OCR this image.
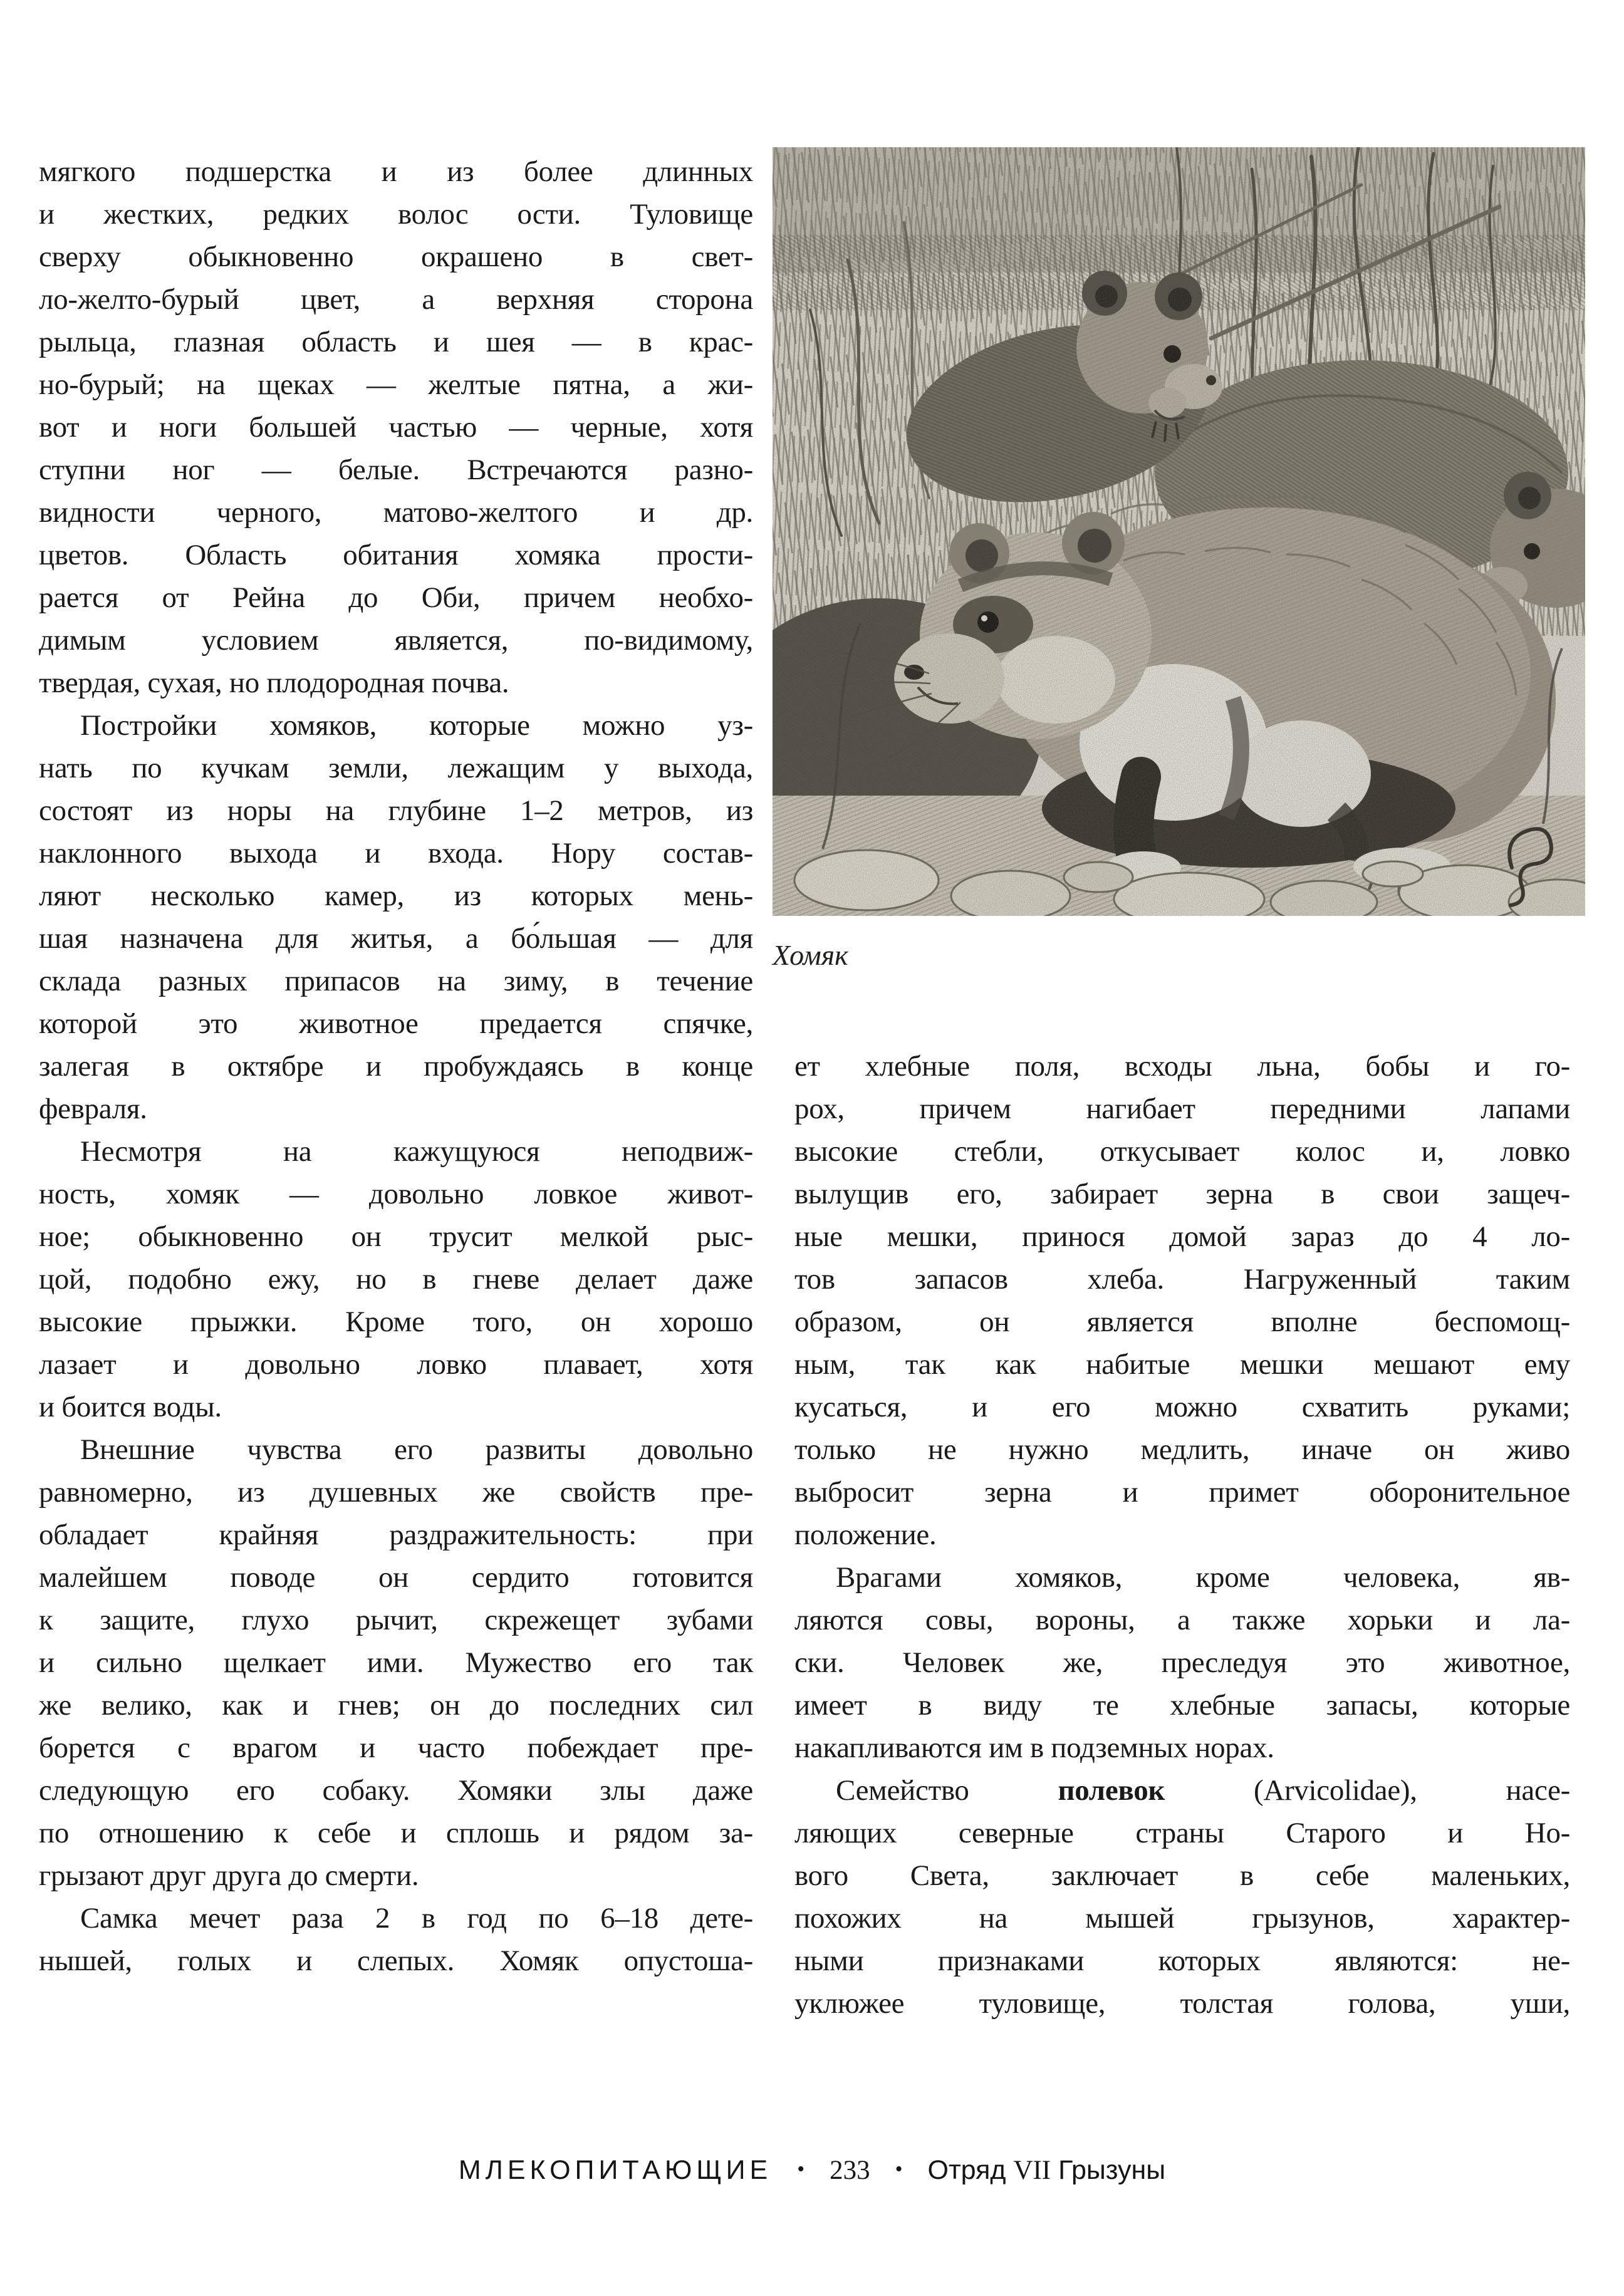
мягкого подшерстка и из более длинных
и жестких, редких волос ости. Туловище
сверху обыкновенно окрашено в свет-
ло-желто-бурый цвет, а верхняя сторона
рыльца, глазная область и шея — в крас-
но-бурый; на щеках — желтые пятна, а жи-
вот и ноги большей частью — черные, хотя
ступни ног — белые. Встречаются разно-
видности черного, матово-желтого и др.
цветов. Область обитания хомяка прости-
рается от Рейна до Оби, причем необхо-
димым условием является, по-видимому,
твердая, сухая, но плодородная почва.
Постройки хомяков, которые можно уз-
нать по кучкам земли, лежащим у выхода,
состоят из норы на глубине 1–2 метров, из
наклонного выхода и входа. Нору состав-
ляют несколько камер, из которых мень-
шая назначена для житья, а бо́льшая — для
склада разных припасов на зиму, в течение
которой это животное предается спячке,
залегая в октябре и пробуждаясь в конце
февраля.
Несмотря на кажущуюся неподвиж-
ность, хомяк — довольно ловкое живот-
ное; обыкновенно он трусит мелкой рыс-
цой, подобно ежу, но в гневе делает даже
высокие прыжки. Кроме того, он хорошо
лазает и довольно ловко плавает, хотя
и боится воды.
Внешние чувства его развиты довольно
равномерно, из душевных же свойств пре-
обладает крайняя раздражительность: при
малейшем поводе он сердито готовится
к защите, глухо рычит, скрежещет зубами
и сильно щелкает ими. Мужество его так
же велико, как и гнев; он до последних сил
борется с врагом и часто побеждает пре-
следующую его собаку. Хомяки злы даже
по отношению к себе и сплошь и рядом за-
грызают друг друга до смерти.
Самка мечет раза 2 в год по 6–18 дете-
нышей, голых и слепых. Хомяк опустоша-
Хомяк
ет хлебные поля, всходы льна, бобы и го-
рох, причем нагибает передними лапами
высокие стебли, откусывает колос и, ловко
вылущив его, забирает зерна в свои защеч-
ные мешки, принося домой зараз до 4 ло-
тов запасов хлеба. Нагруженный таким
образом, он является вполне беспомощ-
ным, так как набитые мешки мешают ему
кусаться, и его можно схватить руками;
только не нужно медлить, иначе он живо
выбросит зерна и примет оборонительное
положение.
Врагами хомяков, кроме человека, яв-
ляются совы, вороны, а также хорьки и ла-
ски. Человек же, преследуя это животное,
имеет в виду те хлебные запасы, которые
накапливаются им в подземных норах.
Семейство полевок (Arvicolidae), насе-
ляющих северные страны Старого и Но-
вого Света, заключает в себе маленьких,
похожих на мышей грызунов, характер-
ными признаками которых являются: не-
уклюжее туловище, толстая голова, уши,
МЛЕКОПИТАЮЩИЕ • 233 • Отряд VII Грызуны
